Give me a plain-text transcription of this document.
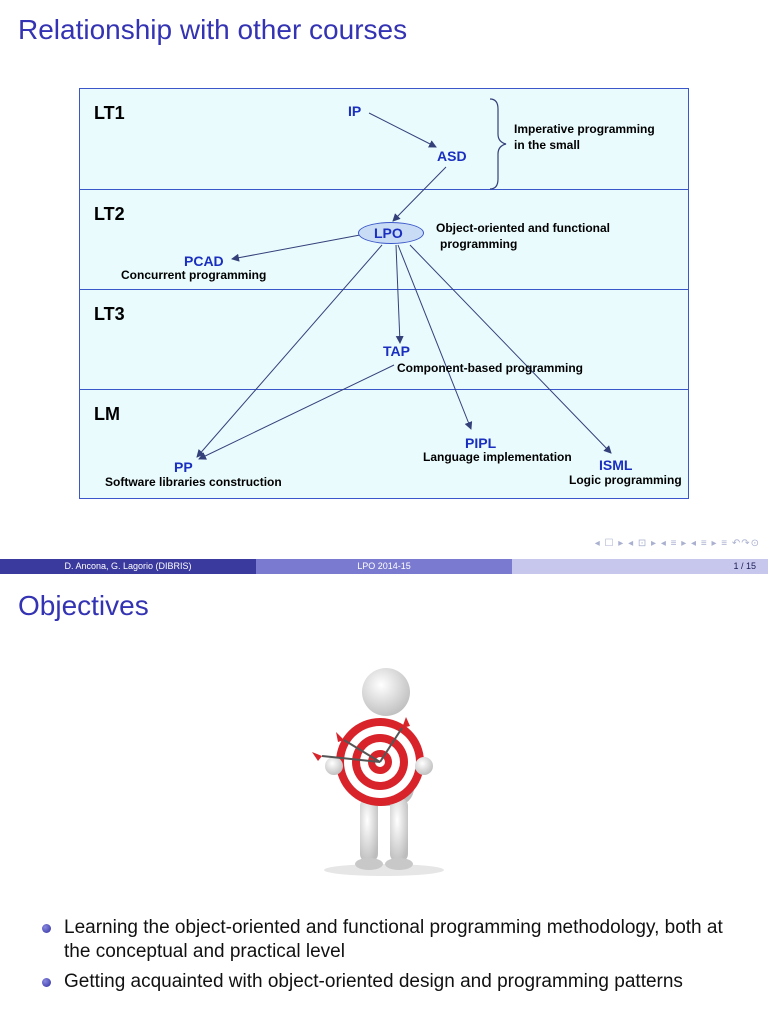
Relationship with other courses
LT1
LT2
LT3
LM
IP
ASD
Imperative programming
in the small
LPO	Object-oriented and functional
programming
PCAD
Concurrent programming
TAP
Component-based programming
PP
Software libraries construction
PIPL
Language implementation ISML
Logic programming
◂ ☐ ▸ ◂ ⊡ ▸ ◂ ≡ ▸ ◂ ≡ ▸ ≡ ↶↷⊙
D. Ancona, G. Lagorio (DIBRIS)	LPO 2014-15	1 / 15
Objectives
Learning the object-oriented and functional programming methodology, both at the conceptual and practical level
Getting acquainted with object-oriented design and programming patterns
